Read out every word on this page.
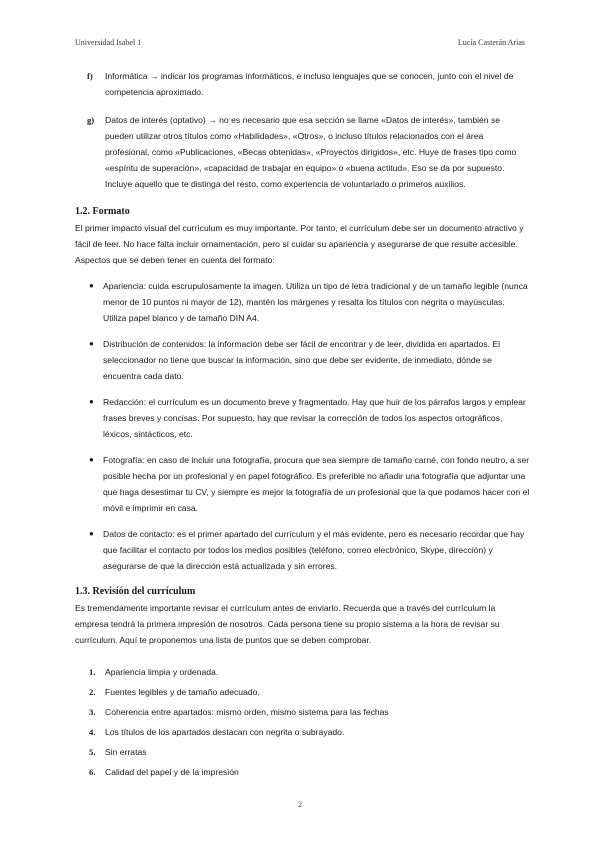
Universidad Isabel 1	Lucía Casterán Arias
f)	Informática → indicar los programas informáticos, e incluso lenguajes que se conocen, junto con el nivel de competencia aproximado.
g)	Datos de interés (optativo) → no es necesario que esa sección se llame «Datos de interés», también se pueden utilizar otros títulos como «Habilidades», «Otros», o incluso títulos relacionados con el área profesional, como «Publicaciones, «Becas obtenidas», «Proyectos dirigidos», etc. Huye de frases tipo como «espíritu de superación», «capacidad de trabajar en equipo» o «buena actitud». Eso se da por supuesto. Incluye aquello que te distinga del resto, como experiencia de voluntariado o primeros auxilios.
1.2. Formato

El primer impacto visual del currículum es muy importante. Por tanto, el currículum debe ser un documento atractivo y fácil de leer. No hace falta incluir ornamentación, pero sí cuidar su apariencia y asegurarse de que resulte accesible. Aspectos que se deben tener en cuenta del formato:

●	Apariencia: cuida escrupulosamente la imagen. Utiliza un tipo de letra tradicional y de un tamaño legible (nunca menor de 10 puntos ni mayor de 12), mantén los márgenes y resalta los títulos con negrita o mayúsculas. Utiliza papel blanco y de tamaño DIN A4.
●	Distribución de contenidos: la información debe ser fácil de encontrar y de leer, dividida en apartados. El seleccionador no tiene que buscar la información, sino que debe ser evidente, de inmediato, dónde se encuentra cada dato.
●	Redacción: el currículum es un documento breve y fragmentado. Hay que huir de los párrafos largos y emplear frases breves y concisas. Por supuesto, hay que revisar la corrección de todos los aspectos ortográficos, léxicos, sintácticos, etc.
●	Fotografía: en caso de incluir una fotografía, procura que sea siempre de tamaño carné, con fondo neutro, a ser posible hecha por un profesional y en papel fotográfico. Es preferible no añadir una fotografía que adjuntar una que haga desestimar tu CV, y siempre es mejor la fotografía de un profesional que la que podamos hacer con el móvil e imprimir en casa.
●	Datos de contacto: es el primer apartado del currículum y el más evidente, pero es necesario recordar que hay que facilitar el contacto por todos los medios posibles (teléfono, correo electrónico, Skype, dirección) y asegurarse de que la dirección está actualizada y sin errores.
1.3. Revisión del currículum

Es tremendamente importante revisar el currículum antes de enviarlo. Recuerda que a través del currículum la empresa tendrá la primera impresión de nosotros. Cada persona tiene su propio sistema a la hora de revisar su currículum. Aquí te proponemos una lista de puntos que se deben comprobar.

1.	Apariencia limpia y ordenada.
2.	Fuentes legibles y de tamaño adecuado.
3.	Coherencia entre apartados: mismo orden, mismo sistema para las fechas
4.	Los títulos de los apartados destacan con negrita o subrayado.
5.	Sin erratas
6.	Calidad del papel y de la impresión
2
